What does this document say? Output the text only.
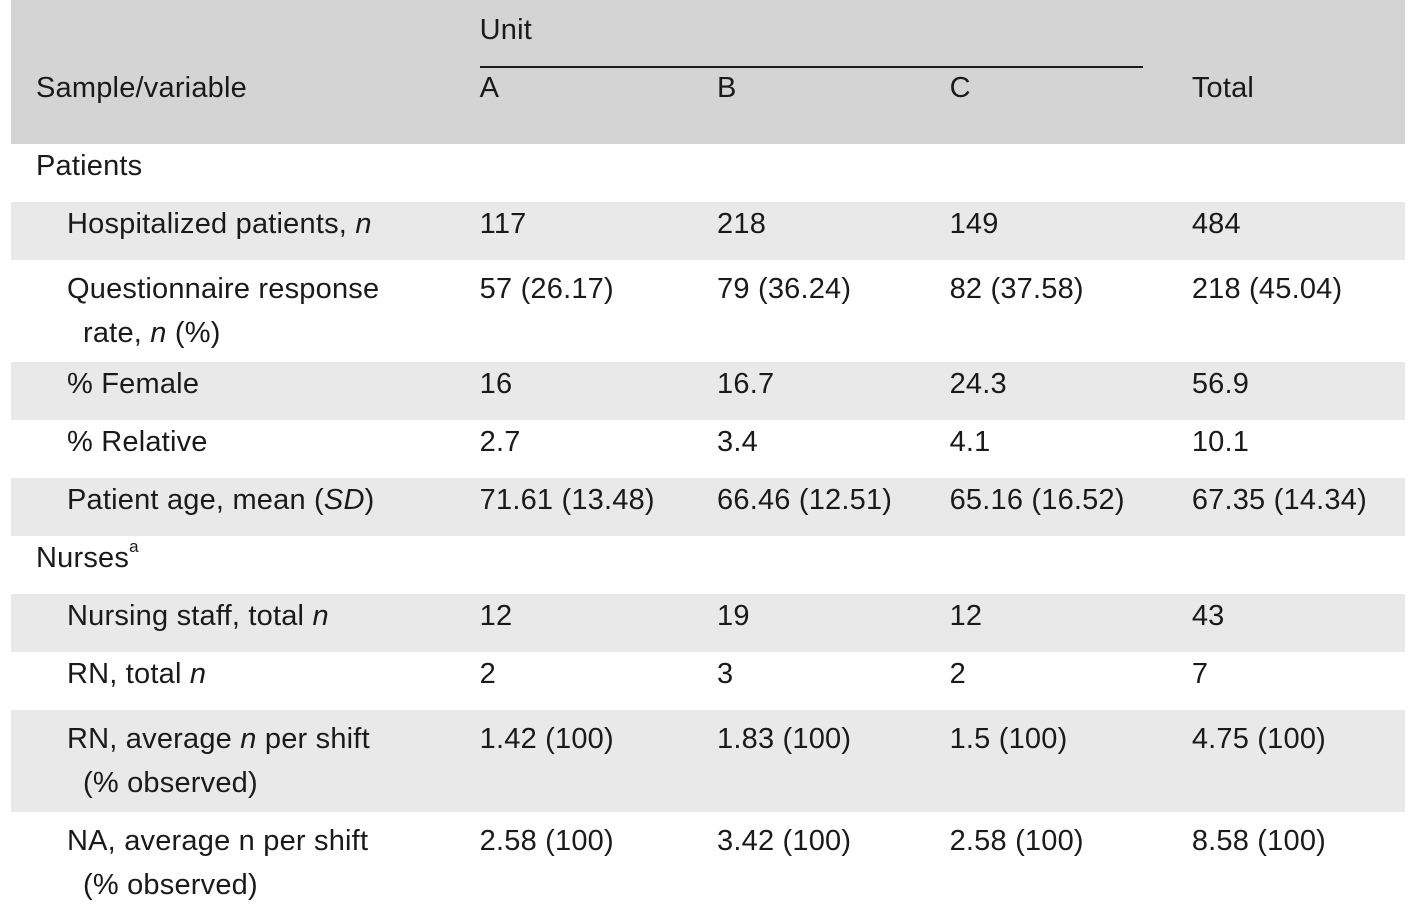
	Unit			

Sample/variable	A	B	C	Total

Patients				
Hospitalized patients, n	117	218	149	484

Questionnaire response
rate, n (%)	57 (26.17)	79 (36.24)	82 (37.58)	218 (45.04)

% Female	16	16.7	24.3	56.9
% Relative	2.7	3.4	4.1	10.1
Patient age, mean (SD)	71.61 (13.48)	66.46 (12.51)	65.16 (16.52)	67.35 (14.34)
Nurses$^a$
Nursing staff, total n	12	19	12	43
RN, total n	2	3	2	7

RN, average n per shift
(% observed)	1.42 (100)	1.83 (100)	1.5 (100)	4.75 (100)

NA, average n per shift
(% observed)	2.58 (100)	3.42 (100)	2.58 (100)	8.58 (100)
